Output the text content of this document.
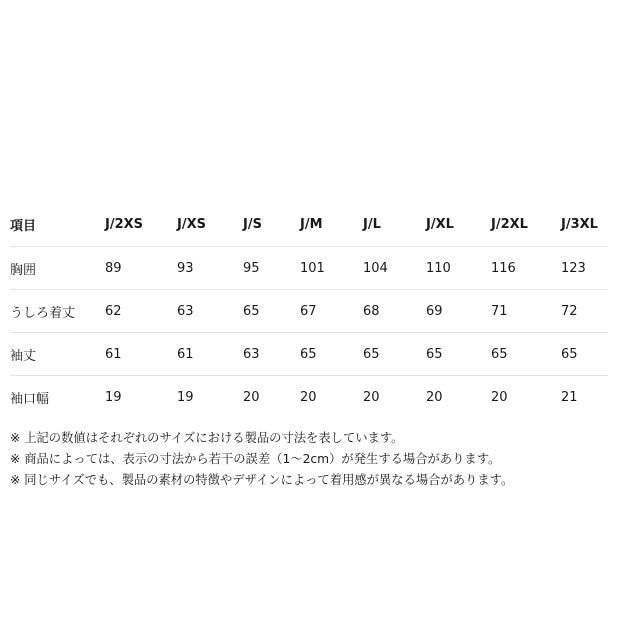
項目	J/2XS	J/XS	J/S	J/M	J/L	J/XL	J/2XL	J/3XL
胸囲	89	93	95	101	104	110	116	123
うしろ着丈	62	63	65	67	68	69	71	72
袖丈	61	61	63	65	65	65	65	65
袖口幅	19	19	20	20	20	20	20	21
※ 上記の数値はそれぞれのサイズにおける製品の寸法を表しています。
※ 商品によっては、表示の寸法から若干の誤差（1〜2cm）が発生する場合があります。
※ 同じサイズでも、製品の素材の特徴やデザインによって着用感が異なる場合があります。
